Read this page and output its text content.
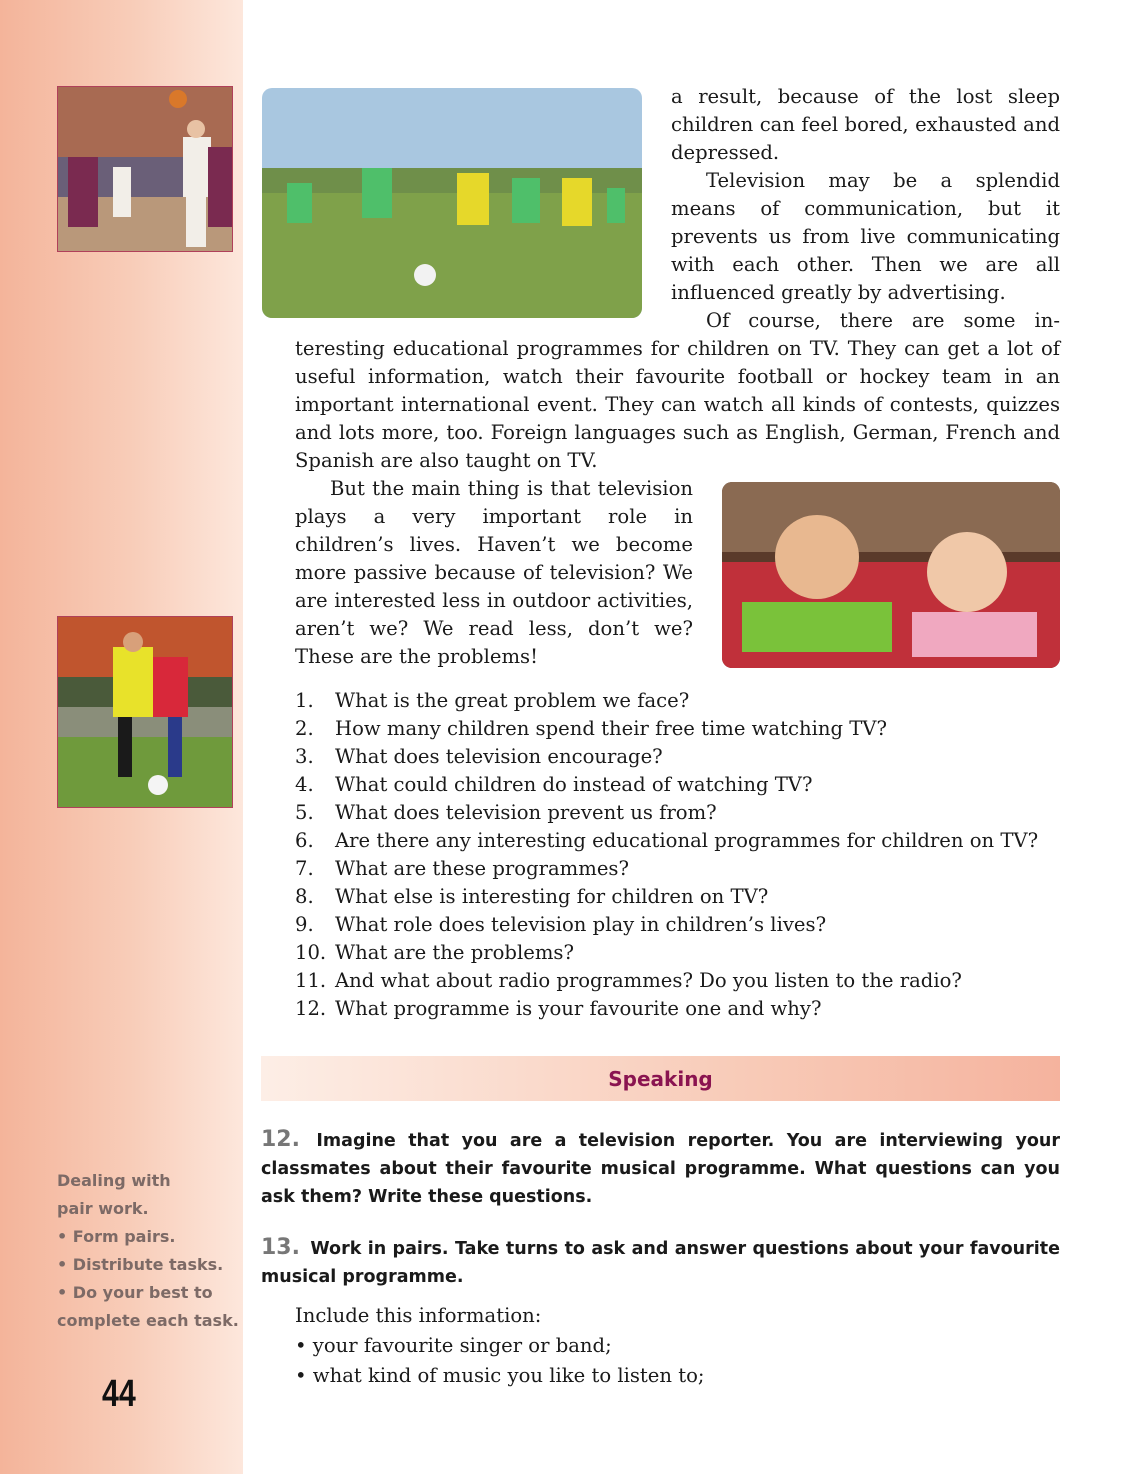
Dealing with
pair work.
• Form pairs.
• Distribute tasks.
• Do your best to
complete each task.
44

a result, because of the lost sleep children can feel bored, exhausted and depressed.

Television may be a splendid means of communication, but it prevents us from live communicating with each other. Then we are all influenced greatly by advertising.

Of course, there are some in-

teresting educational programmes for children on TV. They can get a lot of useful information, watch their favourite football or hockey team in an important international event. They can watch all kinds of contests, quizzes and lots more, too. Foreign languages such as English, German, French and Spanish are also taught on TV.

But the main thing is that television plays a very important role in children’s lives. Haven’t we become more passive because of television? We are interested less in outdoor activities, aren’t we? We read less, don’t we? These are the problems!

1.	What is the great problem we face?
2.	How many children spend their free time watching TV?
3.	What does television encourage?
4.	What could children do instead of watching TV?
5.	What does television prevent us from?
6.	Are there any interesting educational programmes for children on TV?
7.	What are these programmes?
8.	What else is interesting for children on TV?
9.	What role does television play in children’s lives?
10. What are the problems?
11. And what about radio programmes? Do you listen to the radio?
12. What programme is your favourite one and why?
Speaking
12. Imagine that you are a television reporter. You are interviewing your classmates about their favourite musical programme. What questions can you ask them? Write these questions.
13. Work in pairs. Take turns to ask and answer questions about your favourite musical programme.
Include this information:
• your favourite singer or band;
• what kind of music you like to listen to;
